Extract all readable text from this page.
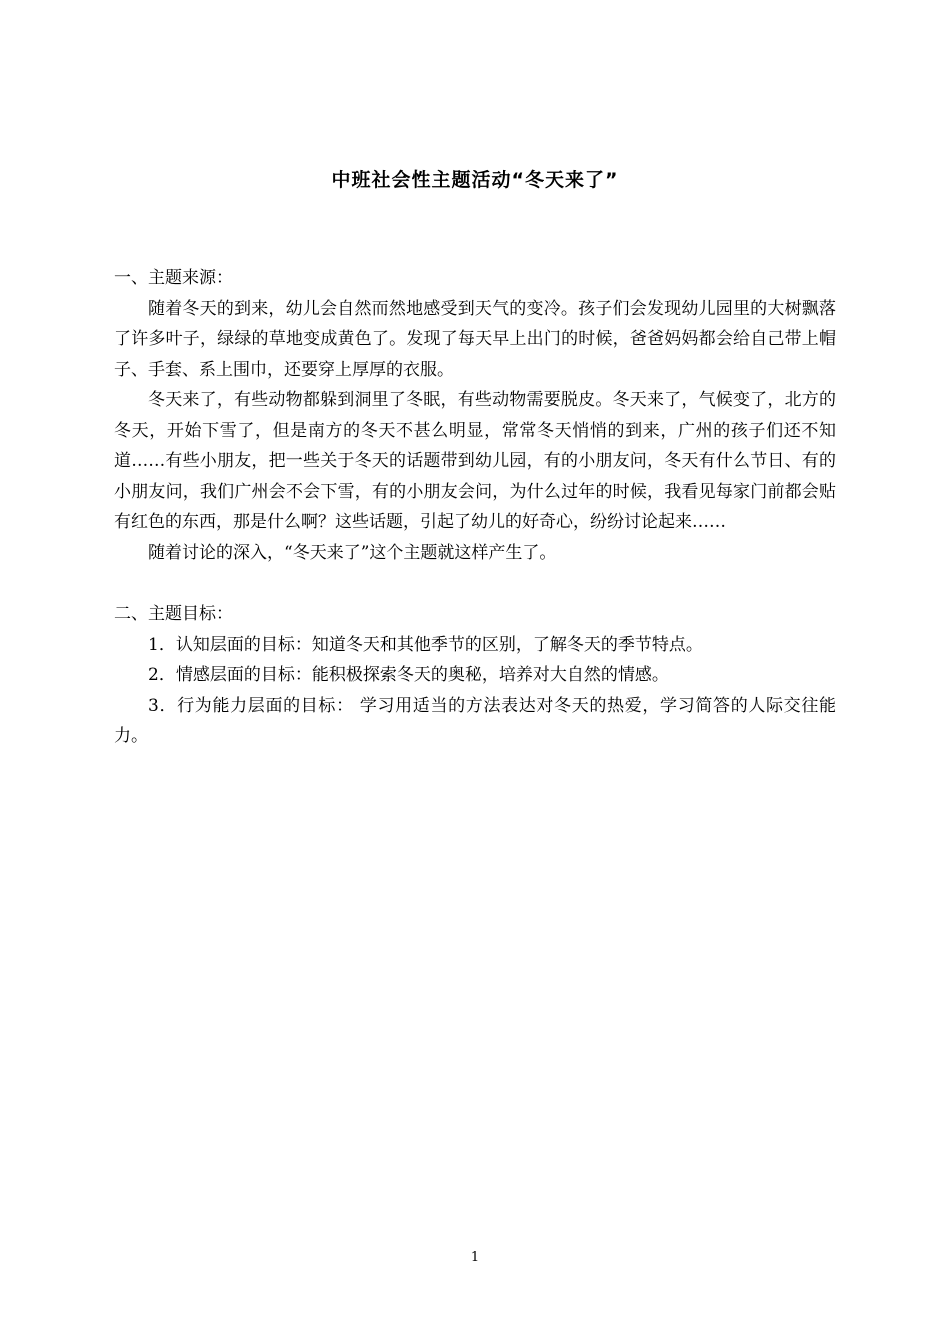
中班社会性主题活动“冬天来了”

一、主题来源：

随着冬天的到来，幼儿会自然而然地感受到天气的变冷。孩子们会发现幼儿园里的大树飘落了许多叶子，绿绿的草地变成黄色了。发现了每天早上出门的时候，爸爸妈妈都会给自己带上帽子、手套、系上围巾，还要穿上厚厚的衣服。

冬天来了，有些动物都躲到洞里了冬眠，有些动物需要脱皮。冬天来了，气候变了，北方的冬天，开始下雪了，但是南方的冬天不甚么明显，常常冬天悄悄的到来，广州的孩子们还不知道……有些小朋友，把一些关于冬天的话题带到幼儿园，有的小朋友问，冬天有什么节日、有的小朋友问，我们广州会不会下雪，有的小朋友会问，为什么过年的时候，我看见每家门前都会贴有红色的东西，那是什么啊？这些话题，引起了幼儿的好奇心，纷纷讨论起来……

随着讨论的深入，“冬天来了”这个主题就这样产生了。

二、主题目标：

1．认知层面的目标：知道冬天和其他季节的区别，了解冬天的季节特点。

2．情感层面的目标：能积极探索冬天的奥秘，培养对大自然的情感。

3．行为能力层面的目标： 学习用适当的方法表达对冬天的热爱，学习简答的人际交往能力。

1
